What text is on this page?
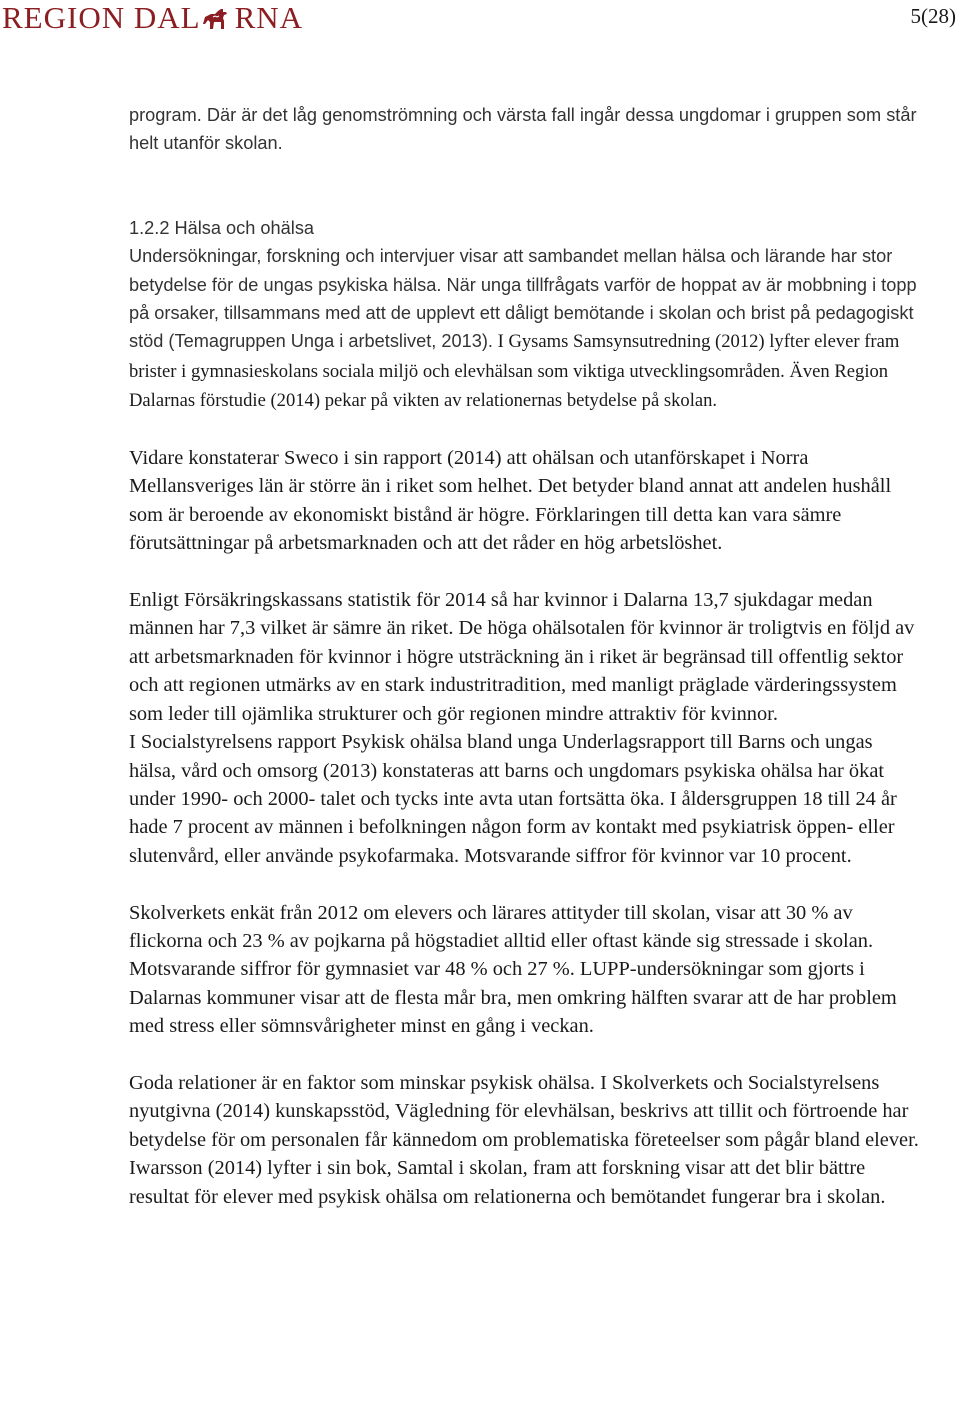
REGION DAL RNA	5(28)

program. Där är det låg genomströmning och värsta fall ingår dessa ungdomar i gruppen som står helt utanför skolan.

1.2.2 Hälsa och ohälsa

Undersökningar, forskning och intervjuer visar att sambandet mellan hälsa och lärande har stor betydelse för de ungas psykiska hälsa. När unga tillfrågats varför de hoppat av är mobbning i topp på orsaker, tillsammans med att de upplevt ett dåligt bemötande i skolan och brist på pedagogiskt stöd (Temagruppen Unga i arbetslivet, 2013). I Gysams Samsynsutredning (2012) lyfter elever fram brister i gymnasieskolans sociala miljö och elevhälsan som viktiga utvecklingsområden. Även Region Dalarnas förstudie (2014) pekar på vikten av relationernas betydelse på skolan.

Vidare konstaterar Sweco i sin rapport (2014) att ohälsan och utanförskapet i Norra Mellansveriges län är större än i riket som helhet. Det betyder bland annat att andelen hushåll som är beroende av ekonomiskt bistånd är högre. Förklaringen till detta kan vara sämre förutsättningar på arbetsmarknaden och att det råder en hög arbetslöshet.

Enligt Försäkringskassans statistik för 2014 så har kvinnor i Dalarna 13,7 sjukdagar medan männen har 7,3 vilket är sämre än riket. De höga ohälsotalen för kvinnor är troligtvis en följd av att arbetsmarknaden för kvinnor i högre utsträckning än i riket är begränsad till offentlig sektor och att regionen utmärks av en stark industritradition, med manligt präglade värderingssystem som leder till ojämlika strukturer och gör regionen mindre attraktiv för kvinnor.

I Socialstyrelsens rapport Psykisk ohälsa bland unga Underlagsrapport till Barns och ungas hälsa, vård och omsorg (2013) konstateras att barns och ungdomars psykiska ohälsa har ökat under 1990- och 2000- talet och tycks inte avta utan fortsätta öka. I åldersgruppen 18 till 24 år hade 7 procent av männen i befolkningen någon form av kontakt med psykiatrisk öppen- eller slutenvård, eller använde psykofarmaka. Motsvarande siffror för kvinnor var 10 procent.

Skolverkets enkät från 2012 om elevers och lärares attityder till skolan, visar att 30 % av flickorna och 23 % av pojkarna på högstadiet alltid eller oftast kände sig stressade i skolan. Motsvarande siffror för gymnasiet var 48 % och 27 %. LUPP-undersökningar som gjorts i Dalarnas kommuner visar att de flesta mår bra, men omkring hälften svarar att de har problem med stress eller sömnsvårigheter minst en gång i veckan.

Goda relationer är en faktor som minskar psykisk ohälsa. I Skolverkets och Socialstyrelsens nyutgivna (2014) kunskapsstöd, Vägledning för elevhälsan, beskrivs att tillit och förtroende har betydelse för om personalen får kännedom om problematiska företeelser som pågår bland elever. Iwarsson (2014) lyfter i sin bok, Samtal i skolan, fram att forskning visar att det blir bättre resultat för elever med psykisk ohälsa om relationerna och bemötandet fungerar bra i skolan.
